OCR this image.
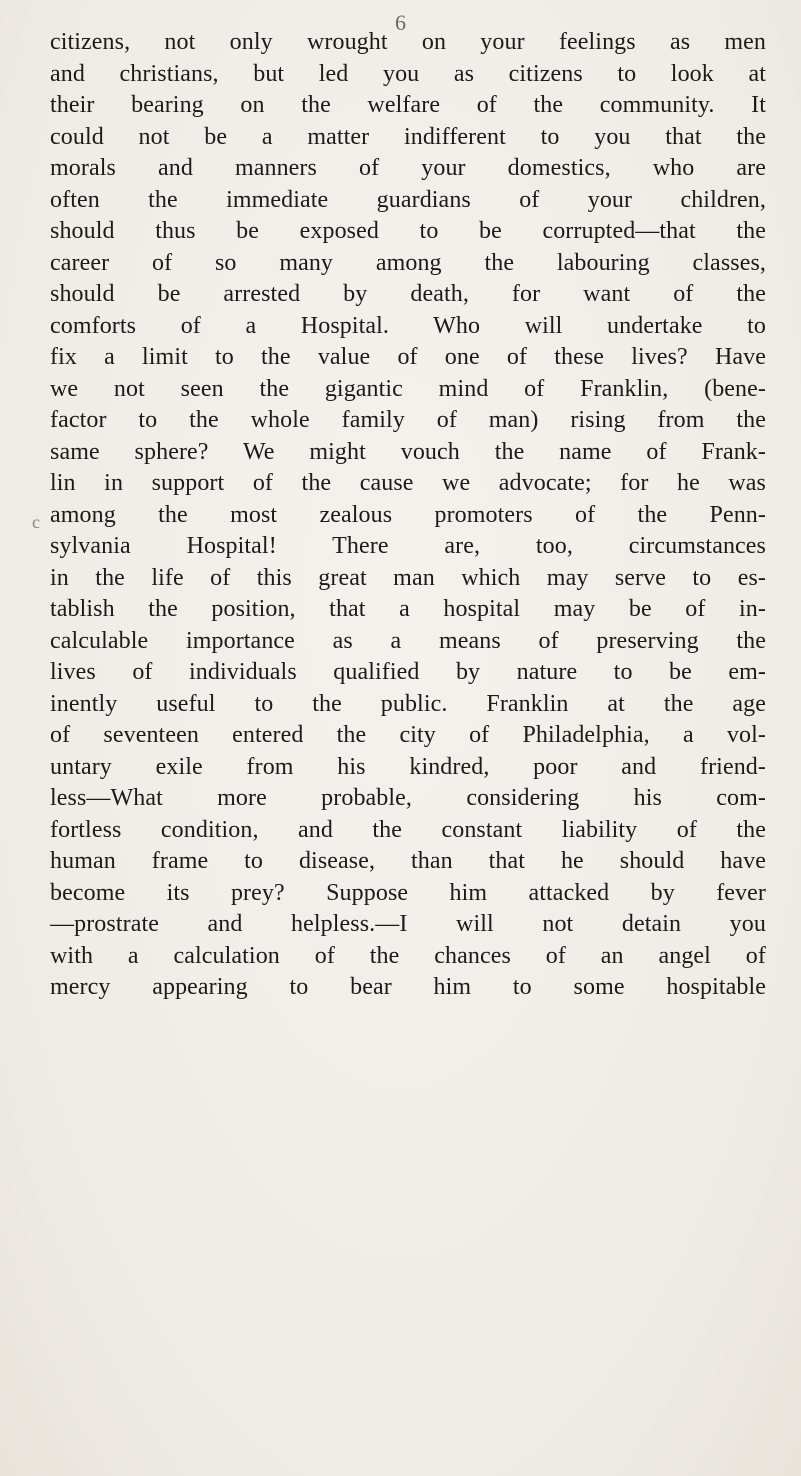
6
c
citizens, not only wrought on your feelings as men
and christians, but led you as citizens to look at
their bearing on the welfare of the community. It
could not be a matter indifferent to you that the
morals and manners of your domestics, who are
often the immediate guardians of your children,
should thus be exposed to be corrupted—that the
career of so many among the labouring classes,
should be arrested by death, for want of the
comforts of a Hospital. Who will undertake to
fix a limit to the value of one of these lives? Have
we not seen the gigantic mind of Franklin, (bene-
factor to the whole family of man) rising from the
same sphere? We might vouch the name of Frank-
lin in support of the cause we advocate; for he was
among the most zealous promoters of the Penn-
sylvania Hospital! There are, too, circumstances
in the life of this great man which may serve to es-
tablish the position, that a hospital may be of in-
calculable importance as a means of preserving the
lives of individuals qualified by nature to be em-
inently useful to the public. Franklin at the age
of seventeen entered the city of Philadelphia, a vol-
untary exile from his kindred, poor and friend-
less—What more probable, considering his com-
fortless condition, and the constant liability of the
human frame to disease, than that he should have
become its prey? Suppose him attacked by fever
—prostrate and helpless.—I will not detain you
with a calculation of the chances of an angel of
mercy appearing to bear him to some hospitable
